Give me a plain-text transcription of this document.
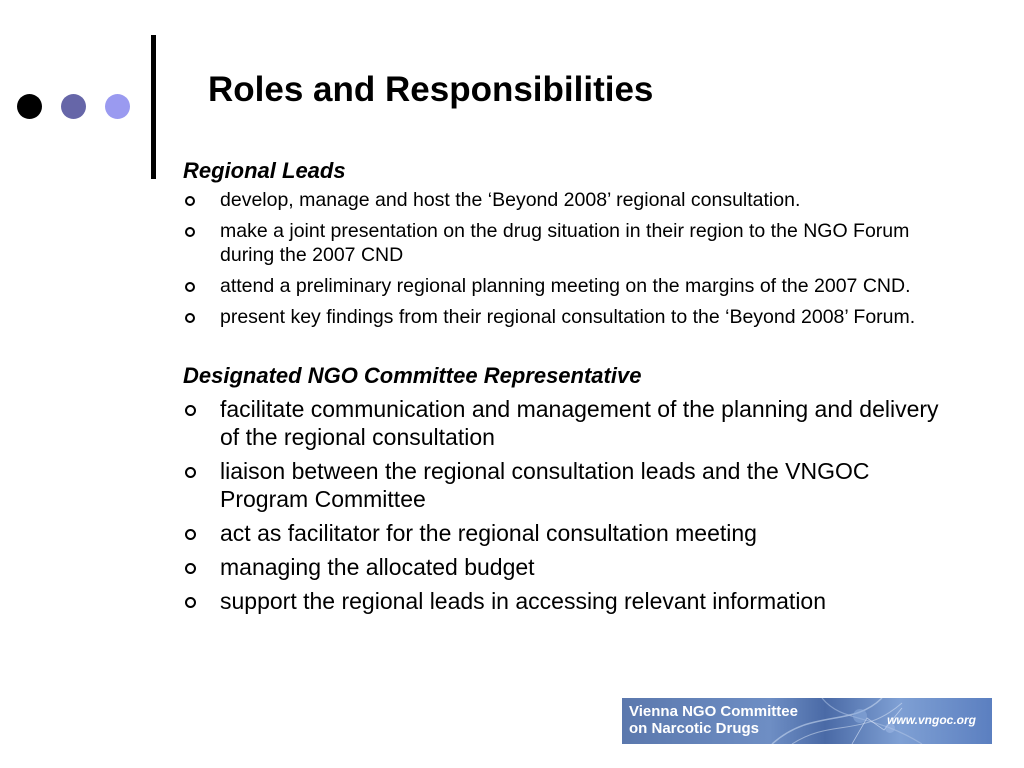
Roles and Responsibilities

Regional Leads

develop, manage and host the ‘Beyond 2008’ regional consultation.
make a joint presentation on the drug situation in their region to the NGO Forum during the 2007 CND
attend a preliminary regional planning meeting on the margins of the 2007 CND.
present key findings from their regional consultation to the ‘Beyond 2008’ Forum.

Designated NGO Committee Representative

facilitate communication and management of the planning and delivery of the regional consultation
liaison between the regional consultation leads and the VNGOC Program Committee
act as facilitator for the regional consultation meeting
managing the allocated budget
support the regional leads in accessing relevant information
Vienna NGO Committee
on Narcotic Drugs	www.vngoc.org
